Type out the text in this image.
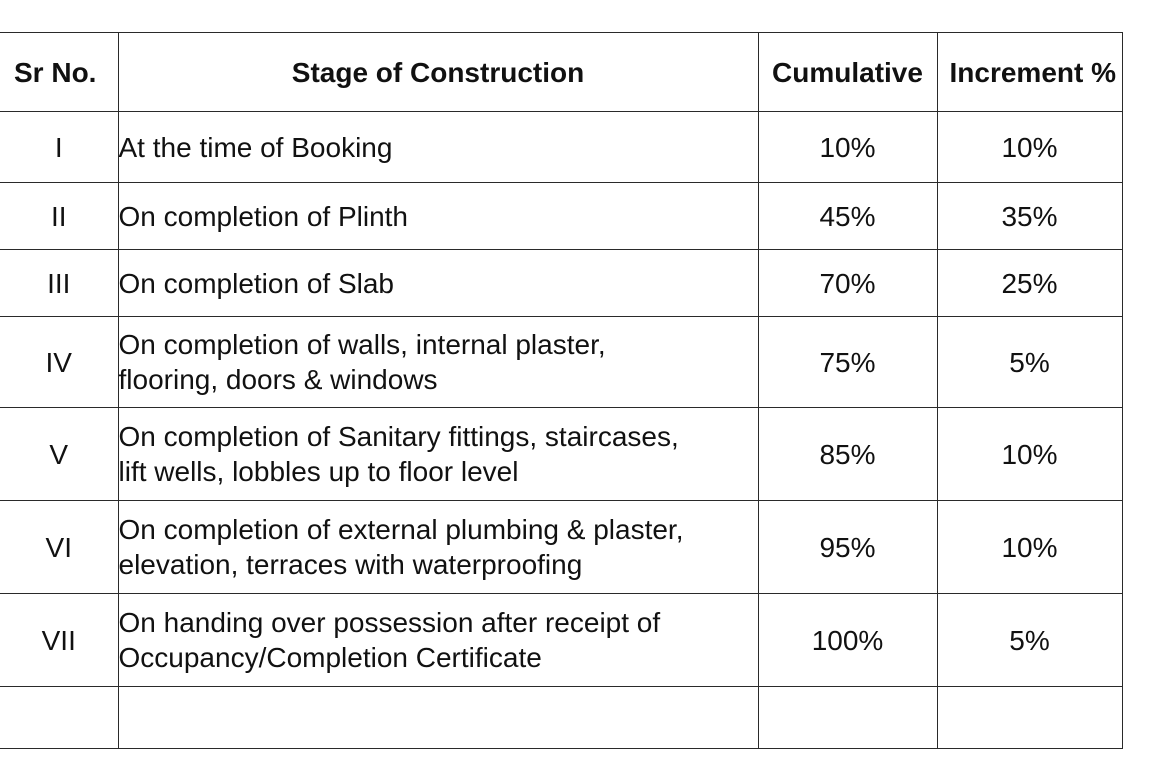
Sr No.	Stage of Construction	Cumulative	Increment %
I	At the time of Booking	10%	10%
II	On completion of Plinth	45%	35%
III	On completion of Slab	70%	25%
IV	On completion of walls, internal plaster,
flooring, doors & windows	75%	5%
V	On completion of Sanitary fittings, staircases,
lift wells, lobbles up to floor level	85%	10%
VI	On completion of external plumbing & plaster,
elevation, terraces with waterproofing	95%	10%
VII	On handing over possession after receipt of
Occupancy/Completion Certificate	100%	5%
